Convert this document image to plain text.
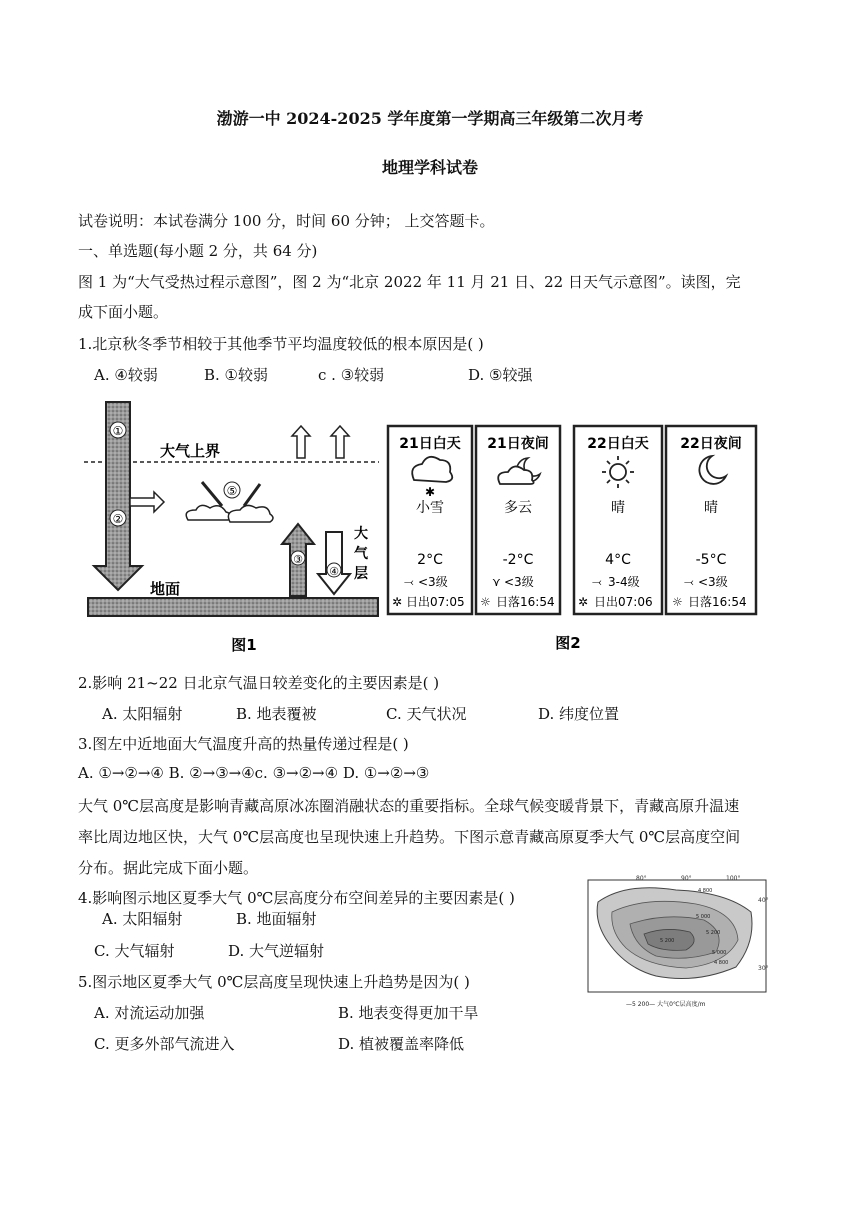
渤游一中 2024-2025 学年度第一学期高三年级第二次月考
地理学科试卷
试卷说明：本试卷满分 100 分，时间 60 分钟； 上交答题卡。
一、单选题(每小题 2 分，共 64 分)
图 1 为“大气受热过程示意图”，图 2 为“北京 2022 年 11 月 21 日、22 日天气示意图”。读图，完
成下面小题。
1.北京秋冬季节相较于其他季节平均温度较低的根本原因是( )
A. ④较弱	B. ①较弱	c . ③较弱	D. ⑤较强
大气上界
①
②
⑤
③
④
大
气
层
地面
图1
21日白天
✱
小雪
2°C
<3级
⤙
日出07:05
✲
21日夜间
多云
-2°C
<3级
⋎
日落16:54
☼
22日白天
晴
4°C
3-4级
⤙
日出07:06
✲
22日夜间
晴
-5°C
<3级
⤙
日落16:54
☼
图2
2.影响 21~22 日北京气温日较差变化的主要因素是( )
A. 太阳辐射	B. 地表覆被	C. 天气状况	D. 纬度位置
3.图左中近地面大气温度升高的热量传递过程是( )
A. ①→②→④ B. ②→③→④c. ③→②→④ D. ①→②→③
大气 0℃层高度是影响青藏高原冰冻圈消融状态的重要指标。全球气候变暖背景下，青藏高原升温速
率比周边地区快，大气 0℃层高度也呈现快速上升趋势。下图示意青藏高原夏季大气 0℃层高度空间
分布。据此完成下面小题。
4.影响图示地区夏季大气 0℃层高度分布空间差异的主要因素是( )
A. 太阳辐射	B. 地面辐射
C. 大气辐射	D. 大气逆辐射
5.图示地区夏季大气 0℃层高度呈现快速上升趋势是因为( )
A. 对流运动加强	B. 地表变得更加干旱
C. 更多外部气流进入	D. 植被覆盖率降低
80°	90°	100°
40°
30°
4 800
5 000
5 200
5 200
5 000
4 800
—5 200— 大气0℃层高度/m
